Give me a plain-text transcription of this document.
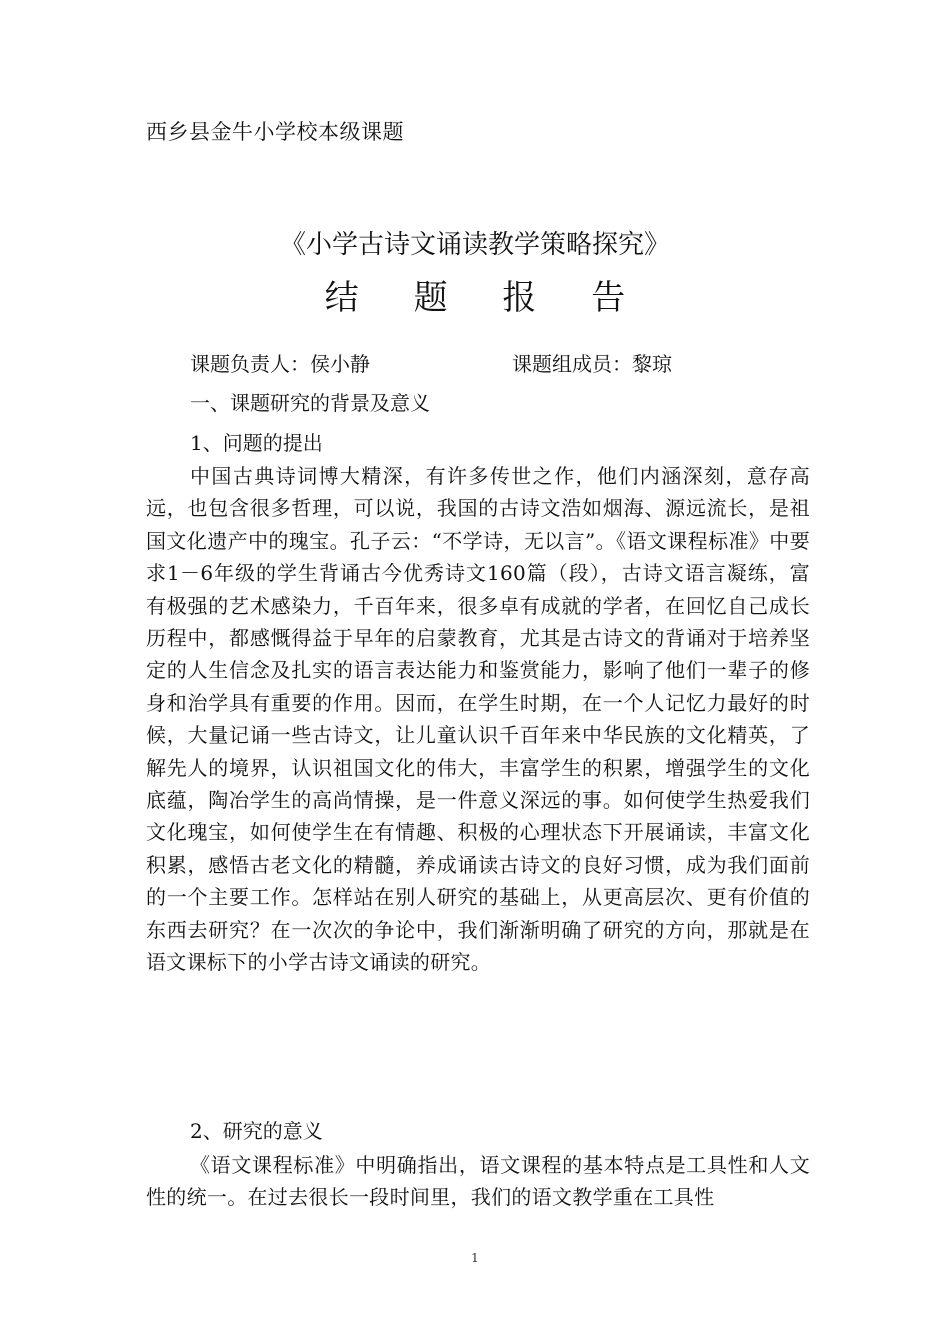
西乡县金牛小学校本级课题
《小学古诗文诵读教学策略探究》
结 题 报 告
课题负责人：侯小静	课题组成员：黎琼
一、课题研究的背景及意义
1、问题的提出
中国古典诗词博大精深，有许多传世之作，他们内涵深刻，意存高远，也包含很多哲理，可以说，我国的古诗文浩如烟海、源远流长，是祖国文化遗产中的瑰宝。孔子云：“不学诗，无以言”。《语文课程标准》中要求1－6年级的学生背诵古今优秀诗文160篇（段），古诗文语言凝练，富有极强的艺术感染力，千百年来，很多卓有成就的学者，在回忆自己成长历程中，都感慨得益于早年的启蒙教育，尤其是古诗文的背诵对于培养坚定的人生信念及扎实的语言表达能力和鉴赏能力，影响了他们一辈子的修身和治学具有重要的作用。因而，在学生时期，在一个人记忆力最好的时候，大量记诵一些古诗文，让儿童认识千百年来中华民族的文化精英，了解先人的境界，认识祖国文化的伟大，丰富学生的积累，增强学生的文化底蕴，陶冶学生的高尚情操，是一件意义深远的事。如何使学生热爱我们文化瑰宝，如何使学生在有情趣、积极的心理状态下开展诵读，丰富文化积累，感悟古老文化的精髓，养成诵读古诗文的良好习惯，成为我们面前的一个主要工作。怎样站在别人研究的基础上，从更高层次、更有价值的东西去研究？在一次次的争论中，我们渐渐明确了研究的方向，那就是在语文课标下的小学古诗文诵读的研究。
2、研究的意义
《语文课程标准》中明确指出，语文课程的基本特点是工具性和人文性的统一。在过去很长一段时间里，我们的语文教学重在工具性
1
